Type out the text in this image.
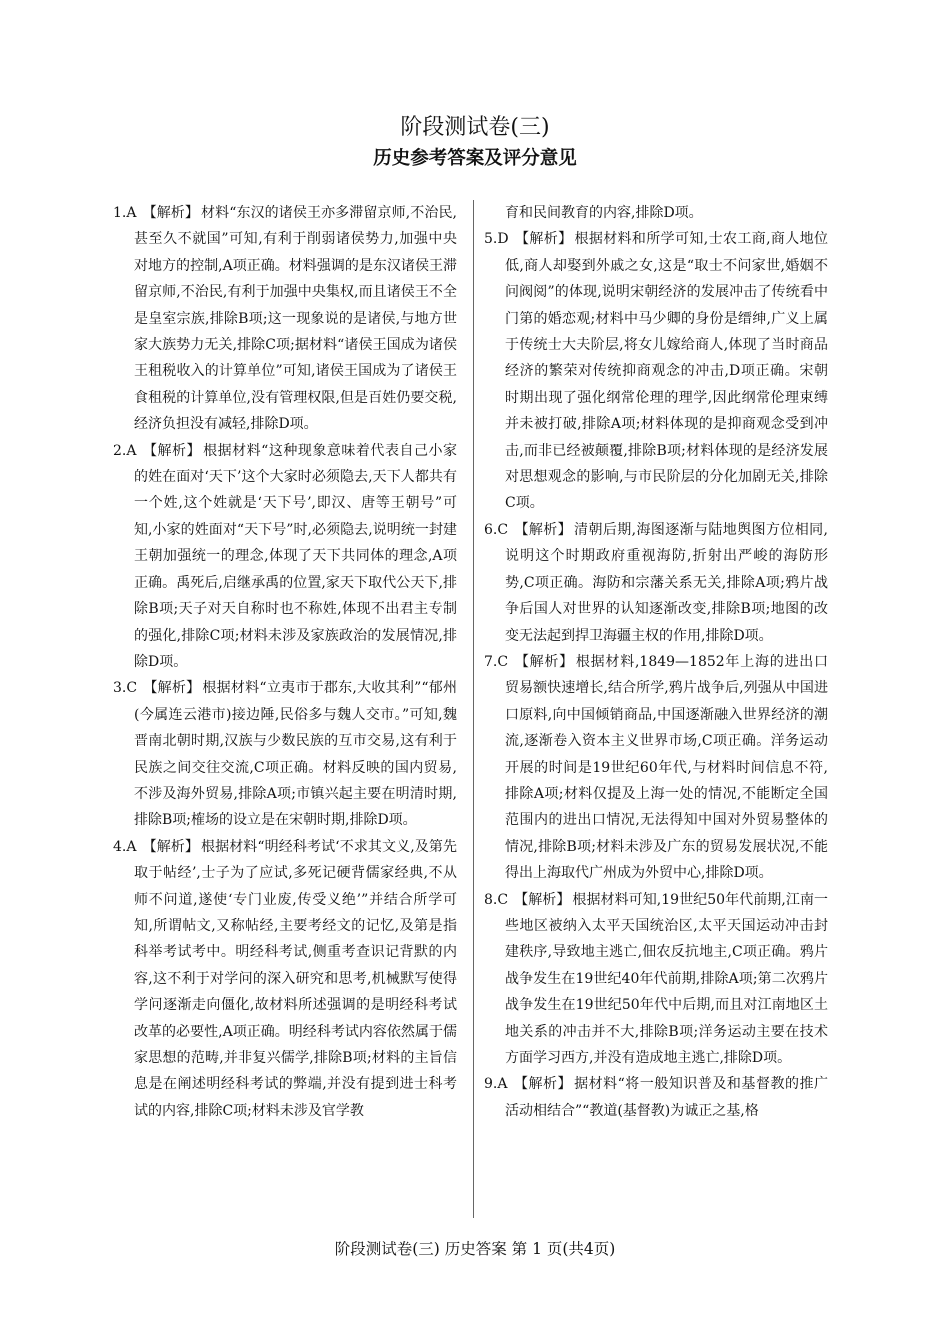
阶段测试卷(三)
历史参考答案及评分意见

1.A 【解析】 材料“东汉的诸侯王亦多滞留京师,不治民,甚至久不就国”可知,有利于削弱诸侯势力,加强中央对地方的控制,A项正确。材料强调的是东汉诸侯王滞留京师,不治民,有利于加强中央集权,而且诸侯王不全是皇室宗族,排除B项;这一现象说的是诸侯,与地方世家大族势力无关,排除C项;据材料“诸侯王国成为诸侯王租税收入的计算单位”可知,诸侯王国成为了诸侯王食租税的计算单位,没有管理权限,但是百姓仍要交税,经济负担没有减轻,排除D项。

2.A 【解析】 根据材料“这种现象意味着代表自己小家的姓在面对‘天下’这个大家时必须隐去,天下人都共有一个姓,这个姓就是‘天下号’,即汉、唐等王朝号”可知,小家的姓面对“天下号”时,必须隐去,说明统一封建王朝加强统一的理念,体现了天下共同体的理念,A项正确。禹死后,启继承禹的位置,家天下取代公天下,排除B项;天子对天自称时也不称姓,体现不出君主专制的强化,排除C项;材料未涉及家族政治的发展情况,排除D项。

3.C 【解析】 根据材料“立夷市于郡东,大收其利”“郁州(今属连云港市)接边陲,民俗多与魏人交市。”可知,魏晋南北朝时期,汉族与少数民族的互市交易,这有利于民族之间交往交流,C项正确。材料反映的国内贸易,不涉及海外贸易,排除A项;市镇兴起主要在明清时期,排除B项;榷场的设立是在宋朝时期,排除D项。

4.A 【解析】 根据材料“明经科考试‘不求其文义,及第先取于帖经’,士子为了应试,多死记硬背儒家经典,不从师不问道,遂使‘专门业废,传受义绝’”并结合所学可知,所谓帖文,又称帖经,主要考经文的记忆,及第是指科举考试考中。明经科考试,侧重考查识记背默的内容,这不利于对学问的深入研究和思考,机械默写使得学问逐渐走向僵化,故材料所述强调的是明经科考试改革的必要性,A项正确。明经科考试内容依然属于儒家思想的范畴,并非复兴儒学,排除B项;材料的主旨信息是在阐述明经科考试的弊端,并没有提到进士科考试的内容,排除C项;材料未涉及官学教

育和民间教育的内容,排除D项。

5.D 【解析】 根据材料和所学可知,士农工商,商人地位低,商人却娶到外戚之女,这是“取士不问家世,婚姻不问阀阅”的体现,说明宋朝经济的发展冲击了传统看中门第的婚恋观;材料中马少卿的身份是缙绅,广义上属于传统士大夫阶层,将女儿嫁给商人,体现了当时商品经济的繁荣对传统抑商观念的冲击,D项正确。宋朝时期出现了强化纲常伦理的理学,因此纲常伦理束缚并未被打破,排除A项;材料体现的是抑商观念受到冲击,而非已经被颠覆,排除B项;材料体现的是经济发展对思想观念的影响,与市民阶层的分化加剧无关,排除C项。

6.C 【解析】 清朝后期,海图逐渐与陆地舆图方位相同,说明这个时期政府重视海防,折射出严峻的海防形势,C项正确。海防和宗藩关系无关,排除A项;鸦片战争后国人对世界的认知逐渐改变,排除B项;地图的改变无法起到捍卫海疆主权的作用,排除D项。

7.C 【解析】 根据材料,1849—1852年上海的进出口贸易额快速增长,结合所学,鸦片战争后,列强从中国进口原料,向中国倾销商品,中国逐渐融入世界经济的潮流,逐渐卷入资本主义世界市场,C项正确。洋务运动开展的时间是19世纪60年代,与材料时间信息不符,排除A项;材料仅提及上海一处的情况,不能断定全国范围内的进出口情况,无法得知中国对外贸易整体的情况,排除B项;材料未涉及广东的贸易发展状况,不能得出上海取代广州成为外贸中心,排除D项。

8.C 【解析】 根据材料可知,19世纪50年代前期,江南一些地区被纳入太平天国统治区,太平天国运动冲击封建秩序,导致地主逃亡,佃农反抗地主,C项正确。鸦片战争发生在19世纪40年代前期,排除A项;第二次鸦片战争发生在19世纪50年代中后期,而且对江南地区土地关系的冲击并不大,排除B项;洋务运动主要在技术方面学习西方,并没有造成地主逃亡,排除D项。

9.A 【解析】 据材料“将一般知识普及和基督教的推广活动相结合”“教道(基督教)为诚正之基,格

阶段测试卷(三) 历史答案 第 1 页(共4页)
